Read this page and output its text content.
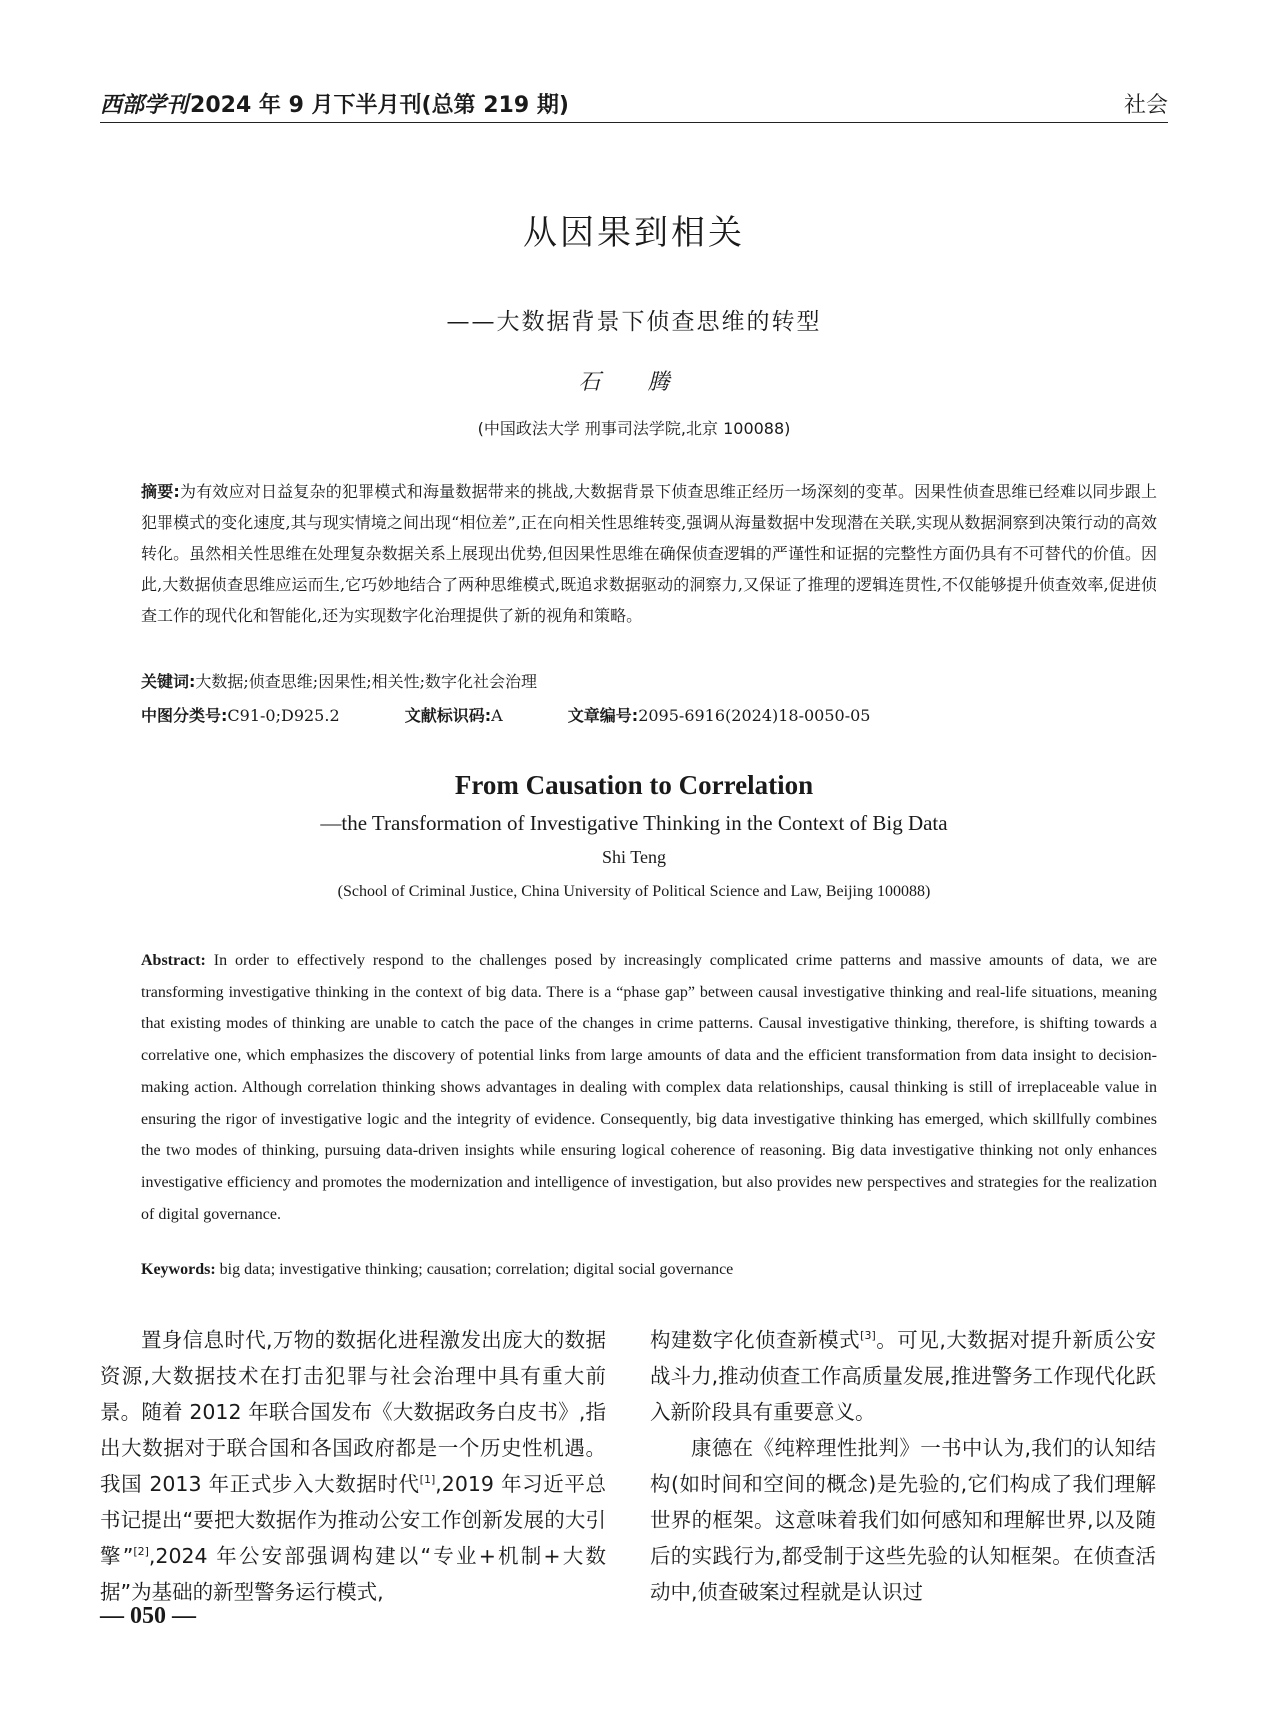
西部学刊2024 年 9 月下半月刊(总第 219 期)	社会
从因果到相关
——大数据背景下侦查思维的转型
石 腾
(中国政法大学 刑事司法学院,北京 100088)
摘要:为有效应对日益复杂的犯罪模式和海量数据带来的挑战,大数据背景下侦查思维正经历一场深刻的变革。因果性侦查思维已经难以同步跟上犯罪模式的变化速度,其与现实情境之间出现“相位差”,正在向相关性思维转变,强调从海量数据中发现潜在关联,实现从数据洞察到决策行动的高效转化。虽然相关性思维在处理复杂数据关系上展现出优势,但因果性思维在确保侦查逻辑的严谨性和证据的完整性方面仍具有不可替代的价值。因此,大数据侦查思维应运而生,它巧妙地结合了两种思维模式,既追求数据驱动的洞察力,又保证了推理的逻辑连贯性,不仅能够提升侦查效率,促进侦查工作的现代化和智能化,还为实现数字化治理提供了新的视角和策略。
关键词:大数据;侦查思维;因果性;相关性;数字化社会治理
中图分类号:C91-0;D925.2	文献标识码:A	文章编号:2095-6916(2024)18-0050-05
From Causation to Correlation
—the Transformation of Investigative Thinking in the Context of Big Data
Shi Teng
(School of Criminal Justice, China University of Political Science and Law, Beijing 100088)
Abstract: In order to effectively respond to the challenges posed by increasingly complicated crime patterns and massive amounts of data, we are transforming investigative thinking in the context of big data. There is a “phase gap” between causal investigative thinking and real-life situations, meaning that existing modes of thinking are unable to catch the pace of the changes in crime patterns. Causal investigative thinking, therefore, is shifting towards a correlative one, which emphasizes the discovery of potential links from large amounts of data and the efficient transformation from data insight to decision-making action. Although correlation thinking shows advantages in dealing with complex data relationships, causal thinking is still of irreplaceable value in ensuring the rigor of investigative logic and the integrity of evidence. Consequently, big data investigative thinking has emerged, which skillfully combines the two modes of thinking, pursuing data-driven insights while ensuring logical coherence of reasoning. Big data investigative thinking not only enhances investigative efficiency and promotes the modernization and intelligence of investigation, but also provides new perspectives and strategies for the realization of digital governance.
Keywords: big data; investigative thinking; causation; correlation; digital social governance

置身信息时代,万物的数据化进程激发出庞大的数据资源,大数据技术在打击犯罪与社会治理中具有重大前景。随着 2012 年联合国发布《大数据政务白皮书》,指出大数据对于联合国和各国政府都是一个历史性机遇。我国 2013 年正式步入大数据时代[1],2019 年习近平总书记提出“要把大数据作为推动公安工作创新发展的大引擎”[2],2024 年公安部强调构建以“专业+机制+大数据”为基础的新型警务运行模式,

构建数字化侦查新模式[3]。可见,大数据对提升新质公安战斗力,推动侦查工作高质量发展,推进警务工作现代化跃入新阶段具有重要意义。

康德在《纯粹理性批判》一书中认为,我们的认知结构(如时间和空间的概念)是先验的,它们构成了我们理解世界的框架。这意味着我们如何感知和理解世界,以及随后的实践行为,都受制于这些先验的认知框架。在侦查活动中,侦查破案过程就是认识过

— 050 —
